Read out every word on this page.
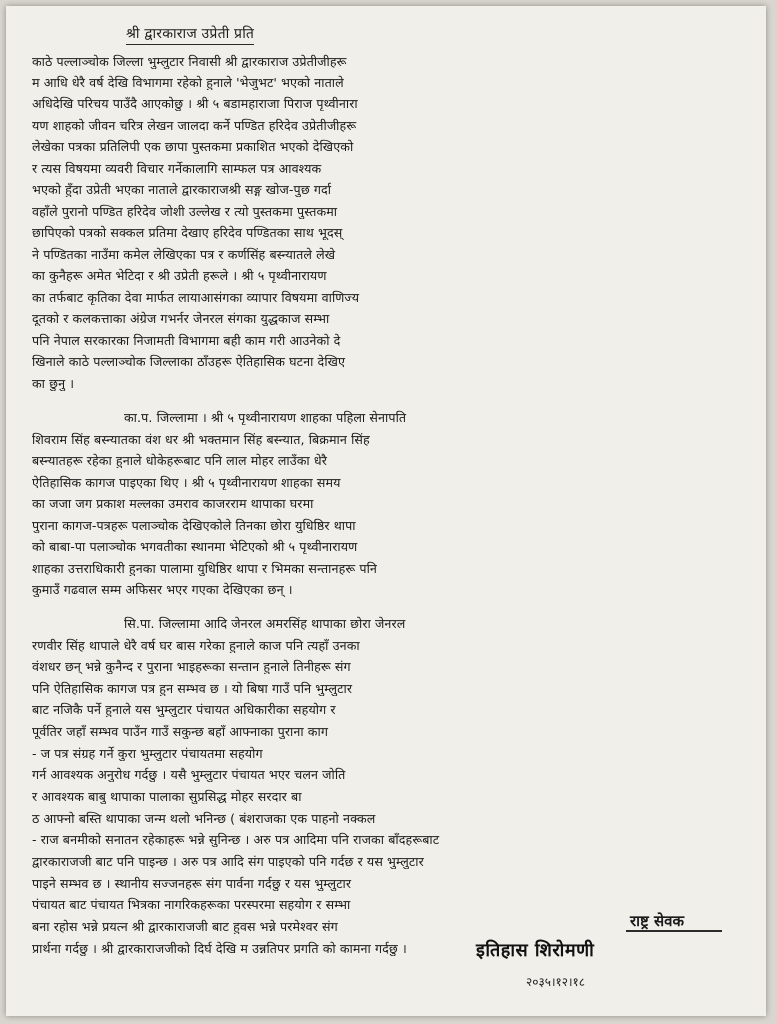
श्री द्वारकाराज उप्रेती प्रति
काठे पल्लाञ्चोक जिल्ला भुम्लुटार निवासी श्री द्वारकाराज उप्रेतीजीहरू
म आधि धेरै वर्ष देखि विभागमा रहेको हुनाले 'भेजुभट' भएको नाताले
अधिदेखि परिचय पाउँदै आएकोछु । श्री ५ बडामहाराजा पिराज पृथ्वीनारा
यण शाहको जीवन चरित्र लेखन जालदा कर्ने पण्डित हरिदेव उप्रेतीजीहरू
लेखेका पत्रका प्रतिलिपी एक छापा पुस्तकमा प्रकाशित भएको देखिएको
र त्यस विषयमा व्यवरी विचार गर्नेकालागि साम्फल पत्र आवश्यक
भएको हुँदा उप्रेती भएका नाताले द्वारकाराजश्री सङ्ग खोज-पुछ गर्दा
वहाँले पुरानो पण्डित हरिदेव जोशी उल्लेख र त्यो पुस्तकमा पुस्तकमा
छापिएको पत्रको सक्कल प्रतिमा देखाए हरिदेव पण्डितका साथ भूदस्
ने पण्डितका नाउँमा कमेल लेखिएका पत्र र कर्णसिंह बस्न्यातले लेखे
का कुनैहरू अमेत भेटिदा र श्री उप्रेती हरूले । श्री ५ पृथ्वीनारायण
का तर्फबाट कृतिका देवा मार्फत लायाआसंगका व्यापार विषयमा वाणिज्य
दूतको र कलकत्ताका अंग्रेज गभर्नर जेनरल संगका युद्धकाज सम्भा
पनि नेपाल सरकारका निजामती विभागमा बही काम गरी आउनेको दे
खिनाले काठे पल्लाञ्चोक जिल्लाका ठाँउहरू ऐतिहासिक घटना देखिए
का छुनु ।
का.प. जिल्लामा । श्री ५ पृथ्वीनारायण शाहका पहिला सेनापति
शिवराम सिंह बस्न्यातका वंश धर श्री भक्तमान सिंह बस्न्यात, बिक्रमान सिंह
बस्न्यातहरू रहेका हुनाले धोकेहरूबाट पनि लाल मोहर लाउँका धेरै
ऐतिहासिक कागज पाइएका थिए । श्री ५ पृथ्वीनारायण शाहका समय
का जजा जग प्रकाश मल्लका उमराव काजरराम थापाका घरमा
पुराना कागज-पत्रहरू पलाञ्चोक देखिएकोले तिनका छोरा युधिष्ठिर थापा
को बाबा-पा पलाञ्चोक भगवतीका स्थानमा भेटिएको श्री ५ पृथ्वीनारायण
शाहका उत्तराधिकारी हुनका पालामा युधिष्ठिर थापा र भिमका सन्तानहरू पनि
कुमाउँ गढवाल सम्म अफिसर भएर गएका देखिएका छन् ।
सि.पा. जिल्लामा आदि जेनरल अमरसिंह थापाका छोरा जेनरल
रणवीर सिंह थापाले धेरै वर्ष घर बास गरेका हुनाले काज पनि त्यहाँ उनका
वंशधर छन् भन्ने कुनैन्द र पुराना भाइहरूका सन्तान हुनाले तिनीहरू संग
पनि ऐतिहासिक कागज पत्र हुन सम्भव छ । यो बिषा गाउँ पनि भुम्लुटार
बाट नजिकै पर्ने हुनाले यस भुम्लुटार पंचायत अधिकारीका सहयोग र
पूर्वतिर जहाँ सम्भव पाउँन गाउँ सकुन्छ बहाँ आफ्नाका पुराना काग
- ज पत्र संग्रह गर्ने कुरा भुम्लुटार पंचायतमा सहयोग
गर्न आवश्यक अनुरोध गर्दछु । यसै भुम्लुटार पंचायत भएर चलन जोति
र आवश्यक बाबु थापाका पालाका सुप्रसिद्ध मोहर सरदार बा
ठ आफ्नो बस्ति थापाका जन्म थलो भनिन्छ ( बंशराजका एक पाहनो नक्कल
- राज बनमीको सनातन रहेकाहरू भन्ने सुनिन्छ । अरु पत्र आदिमा पनि राजका बाँदहरूबाट
द्वारकाराजजी बाट पनि पाइन्छ । अरु पत्र आदि संग पाइएको पनि गर्दछ र यस भुम्लुटार
पाइने सम्भव छ । स्थानीय सज्जनहरू संग पार्वना गर्दछु र यस भुम्लुटार
पंचायत बाट पंचायत भित्रका नागरिकहरूका परस्परमा सहयोग र सम्भा
बना रहोस भन्ने प्रयत्न श्री द्वारकाराजजी बाट हुवस भन्ने परमेश्वर संग
प्रार्थना गर्दछु । श्री द्वारकाराजजीको दिर्घ देखि म उन्नतिपर प्रगति को कामना गर्दछु ।
राष्ट्र सेवक
इतिहास शिरोमणी
२०३५।१२।१८
